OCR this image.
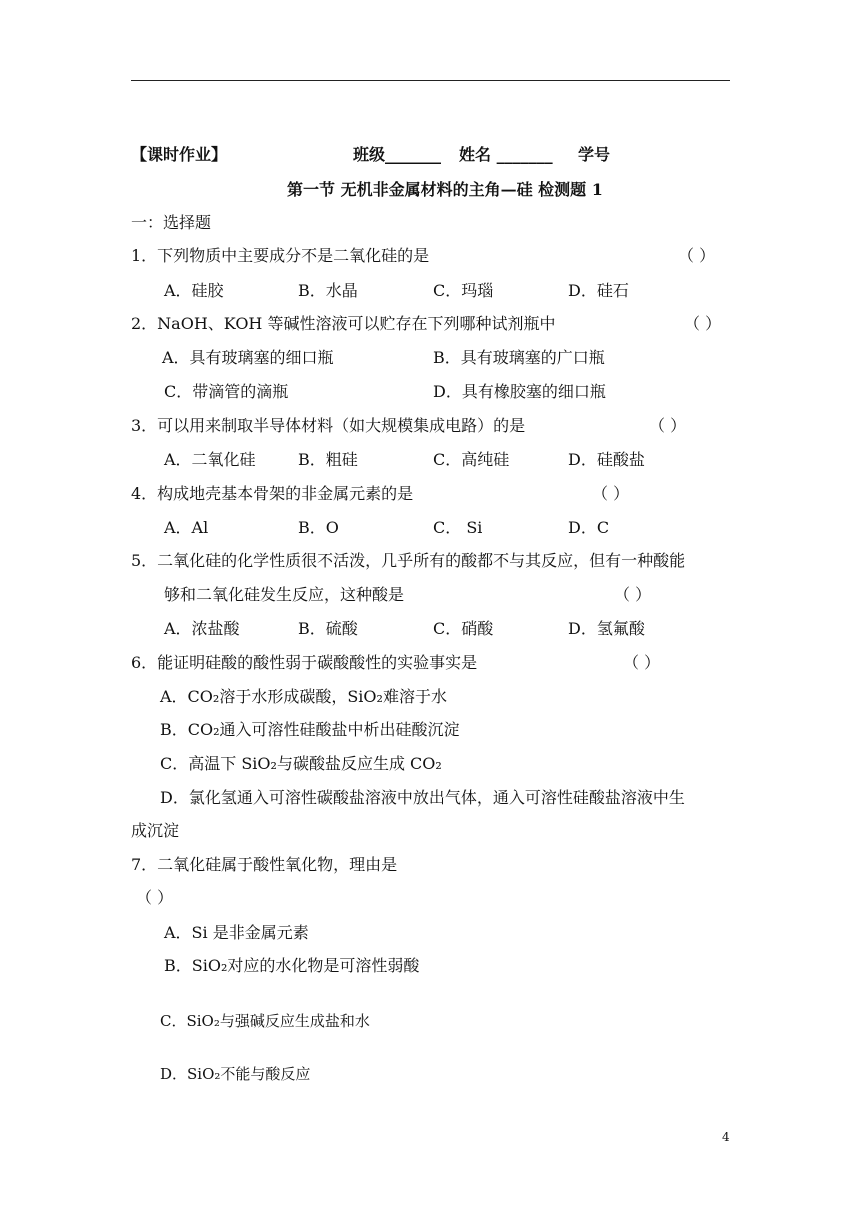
【课时作业】	班级_______ 姓名 _______ 学号
第一节 无机非金属材料的主角—硅 检测题 1
一：选择题
1．下列物质中主要成分不是二氧化硅的是	（ ）
A．硅胶	B．水晶	C．玛瑙	D．硅石
2．NaOH、KOH 等碱性溶液可以贮存在下列哪种试剂瓶中	（ ）
A．具有玻璃塞的细口瓶	B．具有玻璃塞的广口瓶
C．带滴管的滴瓶	D．具有橡胶塞的细口瓶
3．可以用来制取半导体材料（如大规模集成电路）的是	（ ）
A．二氧化硅	B．粗硅	C．高纯硅	D．硅酸盐
4．构成地壳基本骨架的非金属元素的是	（ ）
A．Al	B．O	C． Si	D．C
5．二氧化硅的化学性质很不活泼，几乎所有的酸都不与其反应，但有一种酸能
够和二氧化硅发生反应，这种酸是	（ ）
A．浓盐酸	B．硫酸	C．硝酸	D．氢氟酸
6．能证明硅酸的酸性弱于碳酸酸性的实验事实是	（ ）
A．CO₂溶于水形成碳酸，SiO₂难溶于水
B．CO₂通入可溶性硅酸盐中析出硅酸沉淀
C．高温下 SiO₂与碳酸盐反应生成 CO₂
D．氯化氢通入可溶性碳酸盐溶液中放出气体，通入可溶性硅酸盐溶液中生
成沉淀
7．二氧化硅属于酸性氧化物，理由是
（ ）
A．Si 是非金属元素
B．SiO₂对应的水化物是可溶性弱酸
C．SiO₂与强碱反应生成盐和水
D．SiO₂不能与酸反应
4
